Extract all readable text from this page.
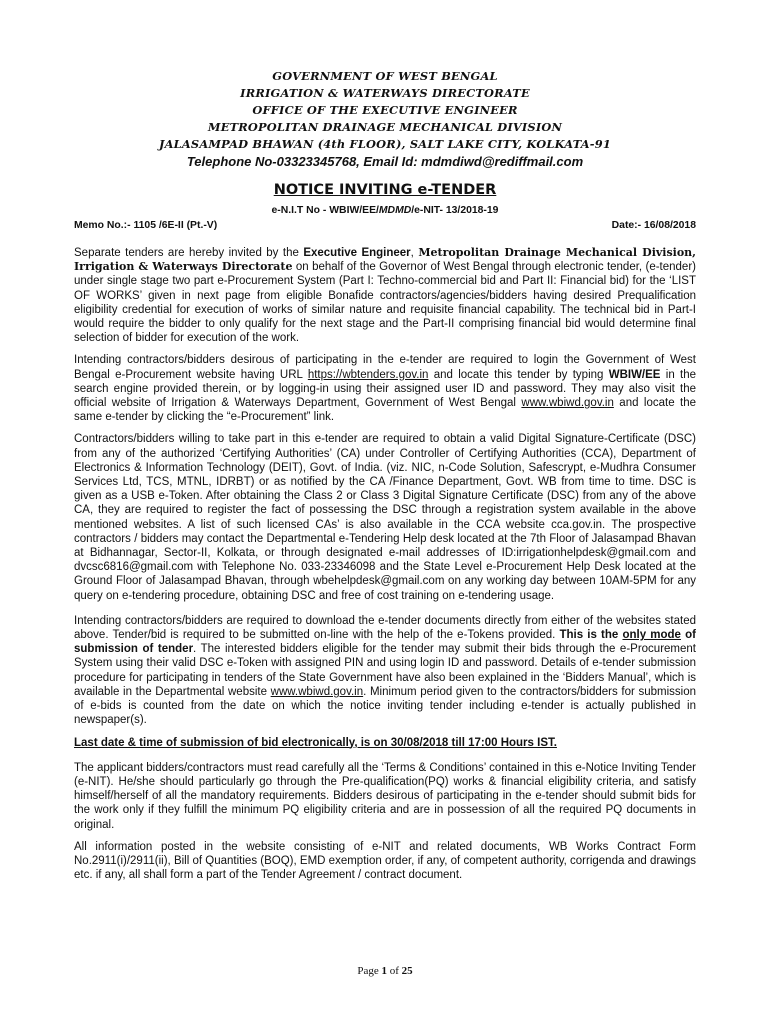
GOVERNMENT OF WEST BENGAL
IRRIGATION & WATERWAYS DIRECTORATE
OFFICE OF THE EXECUTIVE ENGINEER
METROPOLITAN DRAINAGE MECHANICAL DIVISION
JALASAMPAD BHAWAN (4th FLOOR), SALT LAKE CITY, KOLKATA-91
Telephone No-03323345768, Email Id: mdmdiwd@rediffmail.com
NOTICE INVITING e-TENDER
e-N.I.T No - WBIW/EE/MDMD/e-NIT- 13/2018-19
Memo No.:- 1105 /6E-II (Pt.-V)	Date:- 16/08/2018

Separate tenders are hereby invited by the Executive Engineer, Metropolitan Drainage Mechanical Division, Irrigation & Waterways Directorate on behalf of the Governor of West Bengal through electronic tender, (e-tender) under single stage two part e-Procurement System (Part I: Techno-commercial bid and Part II: Financial bid) for the ‘LIST OF WORKS’ given in next page from eligible Bonafide contractors/agencies/bidders having desired Prequalification eligibility credential for execution of works of similar nature and requisite financial capability. The technical bid in Part-I would require the bidder to only qualify for the next stage and the Part-II comprising financial bid would determine final selection of bidder for execution of the work.

Intending contractors/bidders desirous of participating in the e-tender are required to login the Government of West Bengal e-Procurement website having URL https://wbtenders.gov.in and locate this tender by typing WBIW/EE in the search engine provided therein, or by logging-in using their assigned user ID and password. They may also visit the official website of Irrigation & Waterways Department, Government of West Bengal www.wbiwd.gov.in and locate the same e-tender by clicking the “e-Procurement” link.

Contractors/bidders willing to take part in this e-tender are required to obtain a valid Digital Signature-Certificate (DSC) from any of the authorized ‘Certifying Authorities’ (CA) under Controller of Certifying Authorities (CCA), Department of Electronics & Information Technology (DEIT), Govt. of India. (viz. NIC, n-Code Solution, Safescrypt, e-Mudhra Consumer Services Ltd, TCS, MTNL, IDRBT) or as notified by the CA /Finance Department, Govt. WB from time to time. DSC is given as a USB e-Token. After obtaining the Class 2 or Class 3 Digital Signature Certificate (DSC) from any of the above CA, they are required to register the fact of possessing the DSC through a registration system available in the above mentioned websites. A list of such licensed CAs’ is also available in the CCA website cca.gov.in. The prospective contractors / bidders may contact the Departmental e-Tendering Help desk located at the 7th Floor of Jalasampad Bhavan at Bidhannagar, Sector-II, Kolkata, or through designated e-mail addresses of ID:irrigationhelpdesk@gmail.com and dvcsc6816@gmail.com with Telephone No. 033-23346098 and the State Level e-Procurement Help Desk located at the Ground Floor of Jalasampad Bhavan, through wbehelpdesk@gmail.com on any working day between 10AM-5PM for any query on e-tendering procedure, obtaining DSC and free of cost training on e-tendering usage.

Intending contractors/bidders are required to download the e-tender documents directly from either of the websites stated above. Tender/bid is required to be submitted on-line with the help of the e-Tokens provided. This is the only mode of submission of tender. The interested bidders eligible for the tender may submit their bids through the e-Procurement System using their valid DSC e-Token with assigned PIN and using login ID and password. Details of e-tender submission procedure for participating in tenders of the State Government have also been explained in the ‘Bidders Manual’, which is available in the Departmental website www.wbiwd.gov.in. Minimum period given to the contractors/bidders for submission of e-bids is counted from the date on which the notice inviting tender including e-tender is actually published in newspaper(s).

Last date & time of submission of bid electronically, is on 30/08/2018 till 17:00 Hours IST.

The applicant bidders/contractors must read carefully all the ‘Terms & Conditions’ contained in this e-Notice Inviting Tender (e-NIT). He/she should particularly go through the Pre-qualification(PQ) works & financial eligibility criteria, and satisfy himself/herself of all the mandatory requirements. Bidders desirous of participating in the e-tender should submit bids for the work only if they fulfill the minimum PQ eligibility criteria and are in possession of all the required PQ documents in original.

All information posted in the website consisting of e-NIT and related documents, WB Works Contract Form No.2911(i)/2911(ii), Bill of Quantities (BOQ), EMD exemption order, if any, of competent authority, corrigenda and drawings etc. if any, all shall form a part of the Tender Agreement / contract document.

Page 1 of 25
